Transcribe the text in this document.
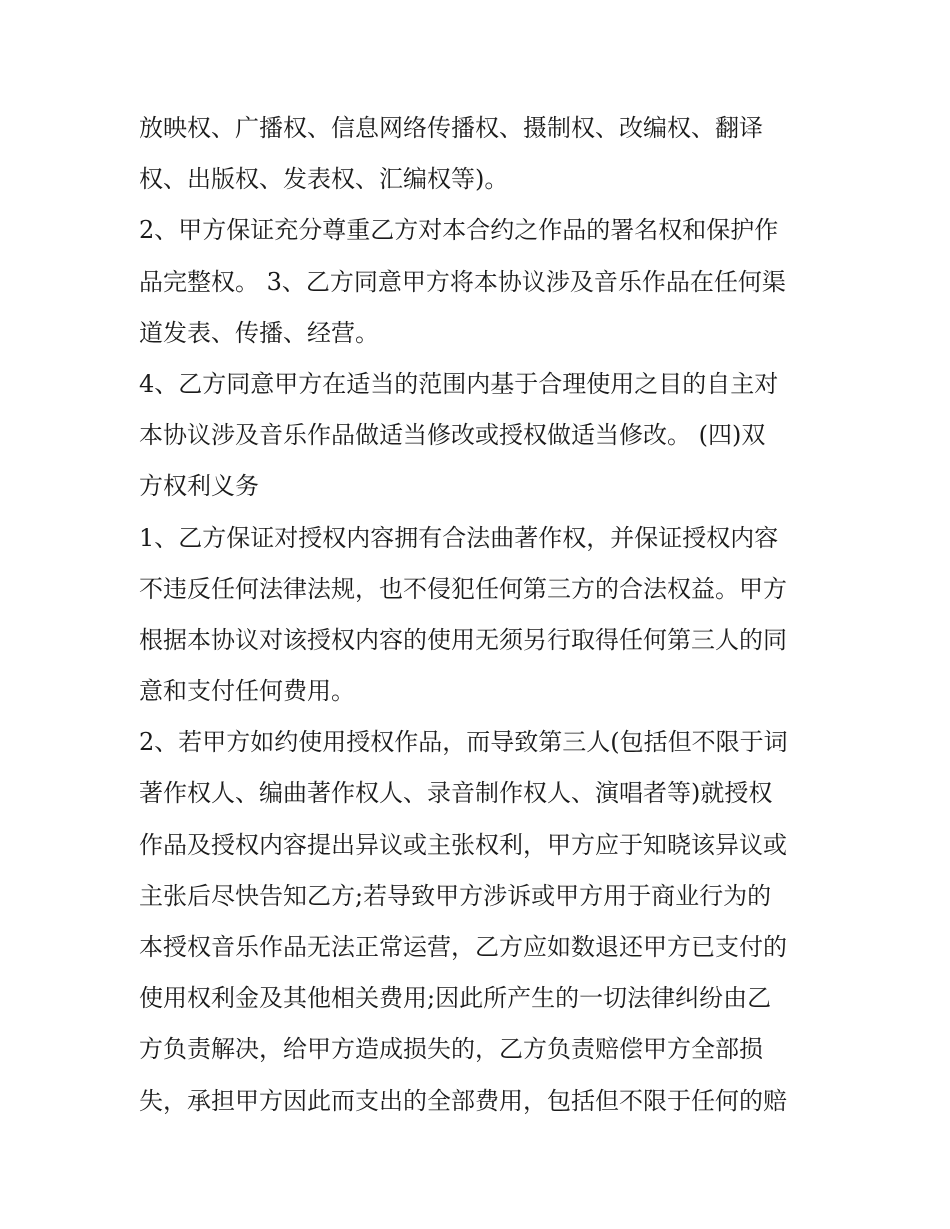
放映权、广播权、信息网络传播权、摄制权、改编权、翻译
权、出版权、发表权、汇编权等)。
2、甲方保证充分尊重乙方对本合约之作品的署名权和保护作
品完整权。 3、乙方同意甲方将本协议涉及音乐作品在任何渠
道发表、传播、经营。
4、乙方同意甲方在适当的范围内基于合理使用之目的自主对
本协议涉及音乐作品做适当修改或授权做适当修改。 (四)双
方权利义务
1、乙方保证对授权内容拥有合法曲著作权，并保证授权内容
不违反任何法律法规，也不侵犯任何第三方的合法权益。甲方
根据本协议对该授权内容的使用无须另行取得任何第三人的同
意和支付任何费用。
2、若甲方如约使用授权作品，而导致第三人(包括但不限于词
著作权人、编曲著作权人、录音制作权人、演唱者等)就授权
作品及授权内容提出异议或主张权利，甲方应于知晓该异议或
主张后尽快告知乙方;若导致甲方涉诉或甲方用于商业行为的
本授权音乐作品无法正常运营，乙方应如数退还甲方已支付的
使用权利金及其他相关费用;因此所产生的一切法律纠纷由乙
方负责解决，给甲方造成损失的，乙方负责赔偿甲方全部损
失，承担甲方因此而支出的全部费用，包括但不限于任何的赔
